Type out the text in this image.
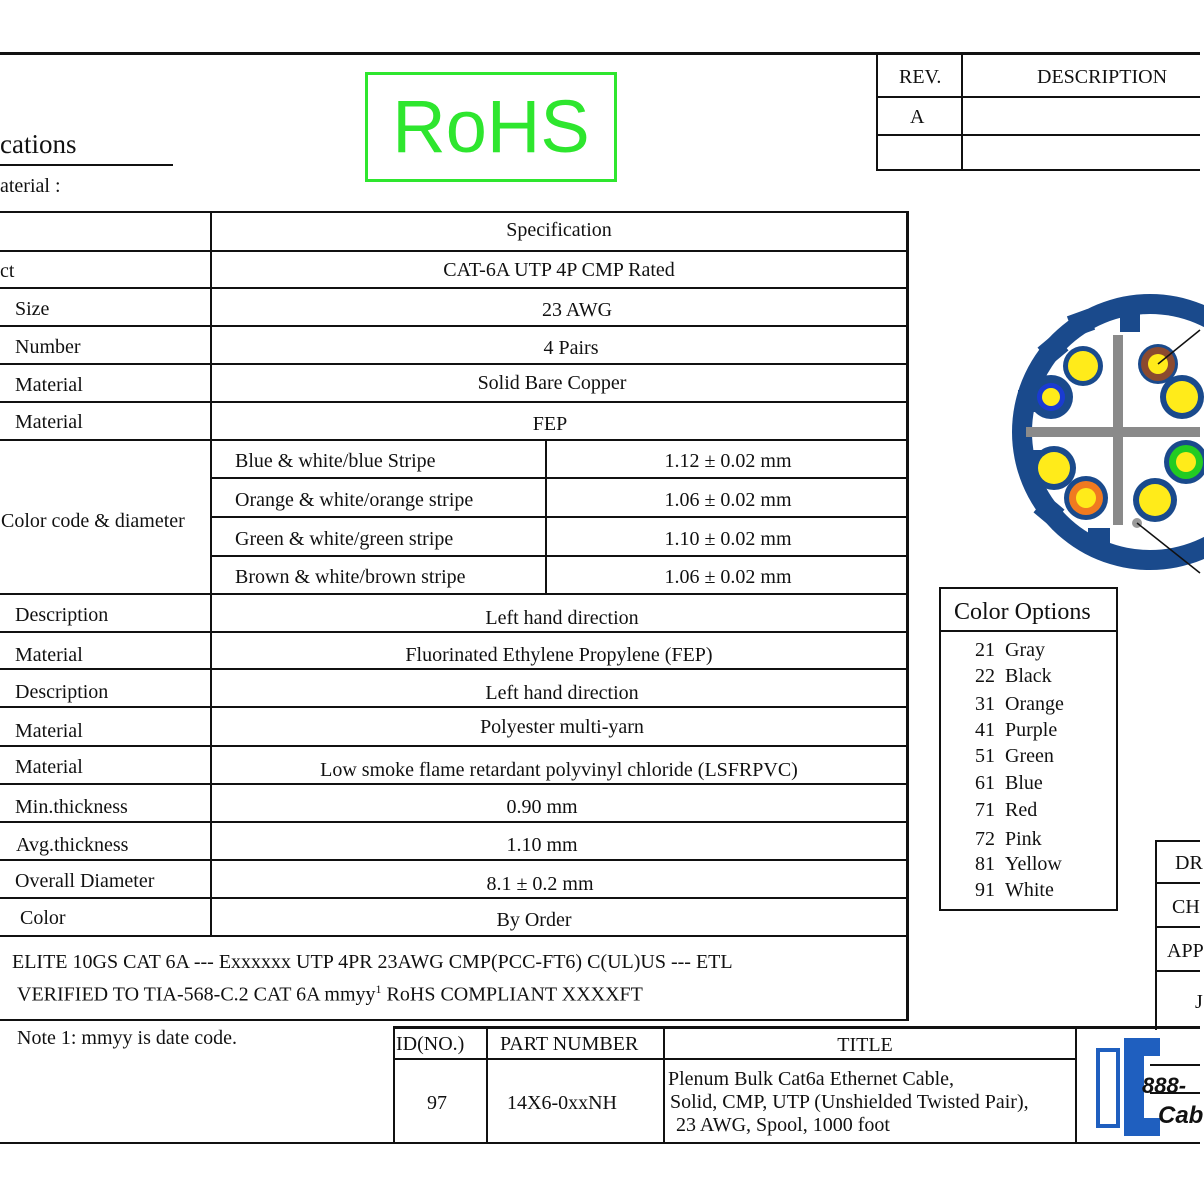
RoHS
cations
aterial :
REV.	DESCRIPTION
A
Specification
ct	CAT-6A UTP 4P CMP Rated
Size	23 AWG
Number	4 Pairs
Material	Solid Bare Copper
Material	FEP
Color code & diameter
Blue & white/blue Stripe	1.12 ± 0.02 mm
Orange & white/orange stripe	1.06 ± 0.02 mm
Green & white/green stripe	1.10 ± 0.02 mm
Brown & white/brown stripe	1.06 ± 0.02 mm
Description	Left hand direction
Material	Fluorinated Ethylene Propylene (FEP)
Description	Left hand direction
Material	Polyester multi-yarn
Material	Low smoke flame retardant polyvinyl chloride (LSFRPVC)
Min.thickness	0.90 mm
Avg.thickness	1.10 mm
Overall Diameter	8.1 ± 0.2 mm
Color	By Order
ELITE 10GS CAT 6A --- Exxxxxx UTP 4PR 23AWG CMP(PCC-FT6) C(UL)US --- ETL
VERIFIED TO TIA-568-C.2 CAT 6A mmyy$^1$ RoHS COMPLIANT XXXXFT
Note 1: mmyy is date code.
Color Options
21 Gray
22 Black
31 Orange
41 Purple
51 Green
61 Blue
71 Red
72 Pink
81 Yellow
91 White
DR
CH
APP
J
ID(NO.) PART NUMBER	TITLE
97	14X6-0xxNH
Plenum Bulk Cat6a Ethernet Cable,
Solid, CMP, UTP (Unshielded Twisted Pair),
23 AWG, Spool, 1000 foot
888-
Cab
